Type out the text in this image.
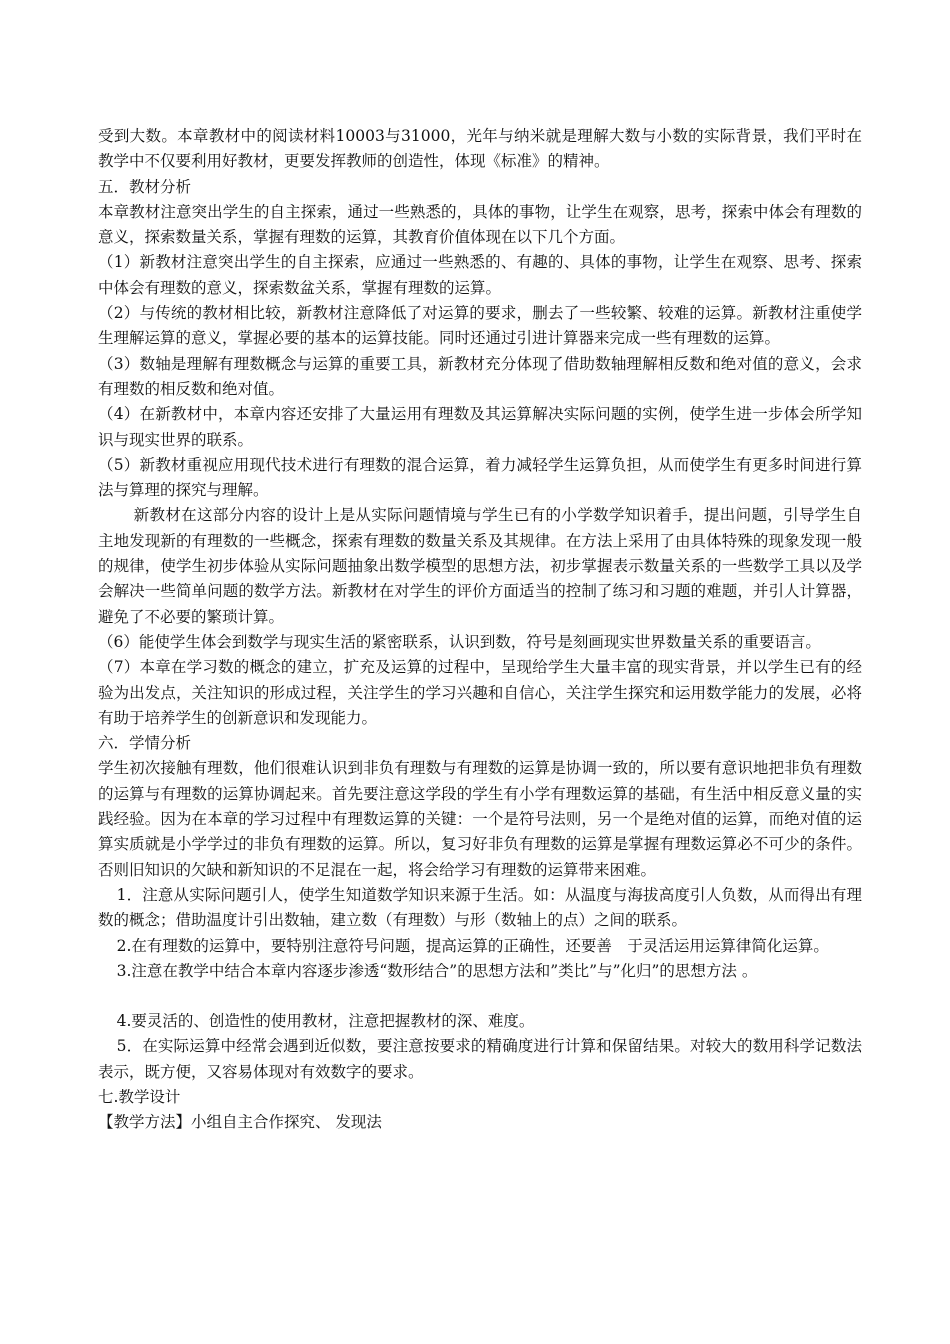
受到大数。本章教材中的阅读材料10003与31000，光年与纳米就是理解大数与小数的实际背景，我们平时在教学中不仅要利用好教材，更要发挥教师的创造性，体现《标准》的精神。

五．教材分析

本章教材注意突出学生的自主探索，通过一些熟悉的，具体的事物，让学生在观察，思考，探索中体会有理数的意义，探索数量关系，掌握有理数的运算，其教育价值体现在以下几个方面。

（1）新教材注意突出学生的自主探索，应通过一些熟悉的、有趣的、具体的事物，让学生在观察、思考、探索中体会有理数的意义，探索数盆关系，掌握有理数的运算。

（2）与传统的教材相比较，新教材注意降低了对运算的要求，删去了一些较繁、较难的运算。新教材注重使学生理解运算的意义，掌握必要的基本的运算技能。同时还通过引进计算器来完成一些有理数的运算。

（3）数轴是理解有理数概念与运算的重要工具，新教材充分体现了借助数轴理解相反数和绝对值的意义，会求有理数的相反数和绝对值。

（4）在新教材中，本章内容还安排了大量运用有理数及其运算解决实际问题的实例，使学生进一步体会所学知识与现实世界的联系。

（5）新教材重视应用现代技术进行有理数的混合运算，着力减轻学生运算负担，从而使学生有更多时间进行算法与算理的探究与理解。

新教材在这部分内容的设计上是从实际问题情境与学生已有的小学数学知识着手，提出问题，引导学生自主地发现新的有理数的一些概念，探索有理数的数量关系及其规律。在方法上采用了由具体特殊的现象发现一般的规律，使学生初步体验从实际问题抽象出数学模型的思想方法，初步掌握表示数量关系的一些数学工具以及学会解决一些简单问题的数学方法。新教材在对学生的评价方面适当的控制了练习和习题的难题，并引人计算器，避免了不必要的繁琐计算。

（6）能使学生体会到数学与现实生活的紧密联系，认识到数，符号是刻画现实世界数量关系的重要语言。

（7）本章在学习数的概念的建立，扩充及运算的过程中，呈现给学生大量丰富的现实背景，并以学生已有的经验为出发点，关注知识的形成过程，关注学生的学习兴趣和自信心，关注学生探究和运用数学能力的发展，必将有助于培养学生的创新意识和发现能力。

六．学情分析

学生初次接触有理数，他们很难认识到非负有理数与有理数的运算是协调一致的，所以要有意识地把非负有理数的运算与有理数的运算协调起来。首先要注意这学段的学生有小学有理数运算的基础，有生活中相反意义量的实践经验。因为在本章的学习过程中有理数运算的关键：一个是符号法则，另一个是绝对值的运算，而绝对值的运算实质就是小学学过的非负有理数的运算。所以，复习好非负有理数的运算是掌握有理数运算必不可少的条件。否则旧知识的欠缺和新知识的不足混在一起，将会给学习有理数的运算带来困难。

1．注意从实际问题引人，使学生知道数学知识来源于生活。如：从温度与海拔高度引人负数，从而得出有理数的概念；借助温度计引出数轴，建立数（有理数）与形（数轴上的点）之间的联系。

2.在有理数的运算中，要特别注意符号问题，提高运算的正确性，还要善　于灵活运用运算律简化运算。

3.注意在教学中结合本章内容逐步渗透“数形结合”的思想方法和”类比”与”化归”的思想方法 。

4.要灵活的、创造性的使用教材，注意把握教材的深、难度。

5．在实际运算中经常会遇到近似数，要注意按要求的精确度进行计算和保留结果。对较大的数用科学记数法表示，既方便，又容易体现对有效数字的要求。

七.教学设计

【教学方法】小组自主合作探究、 发现法
